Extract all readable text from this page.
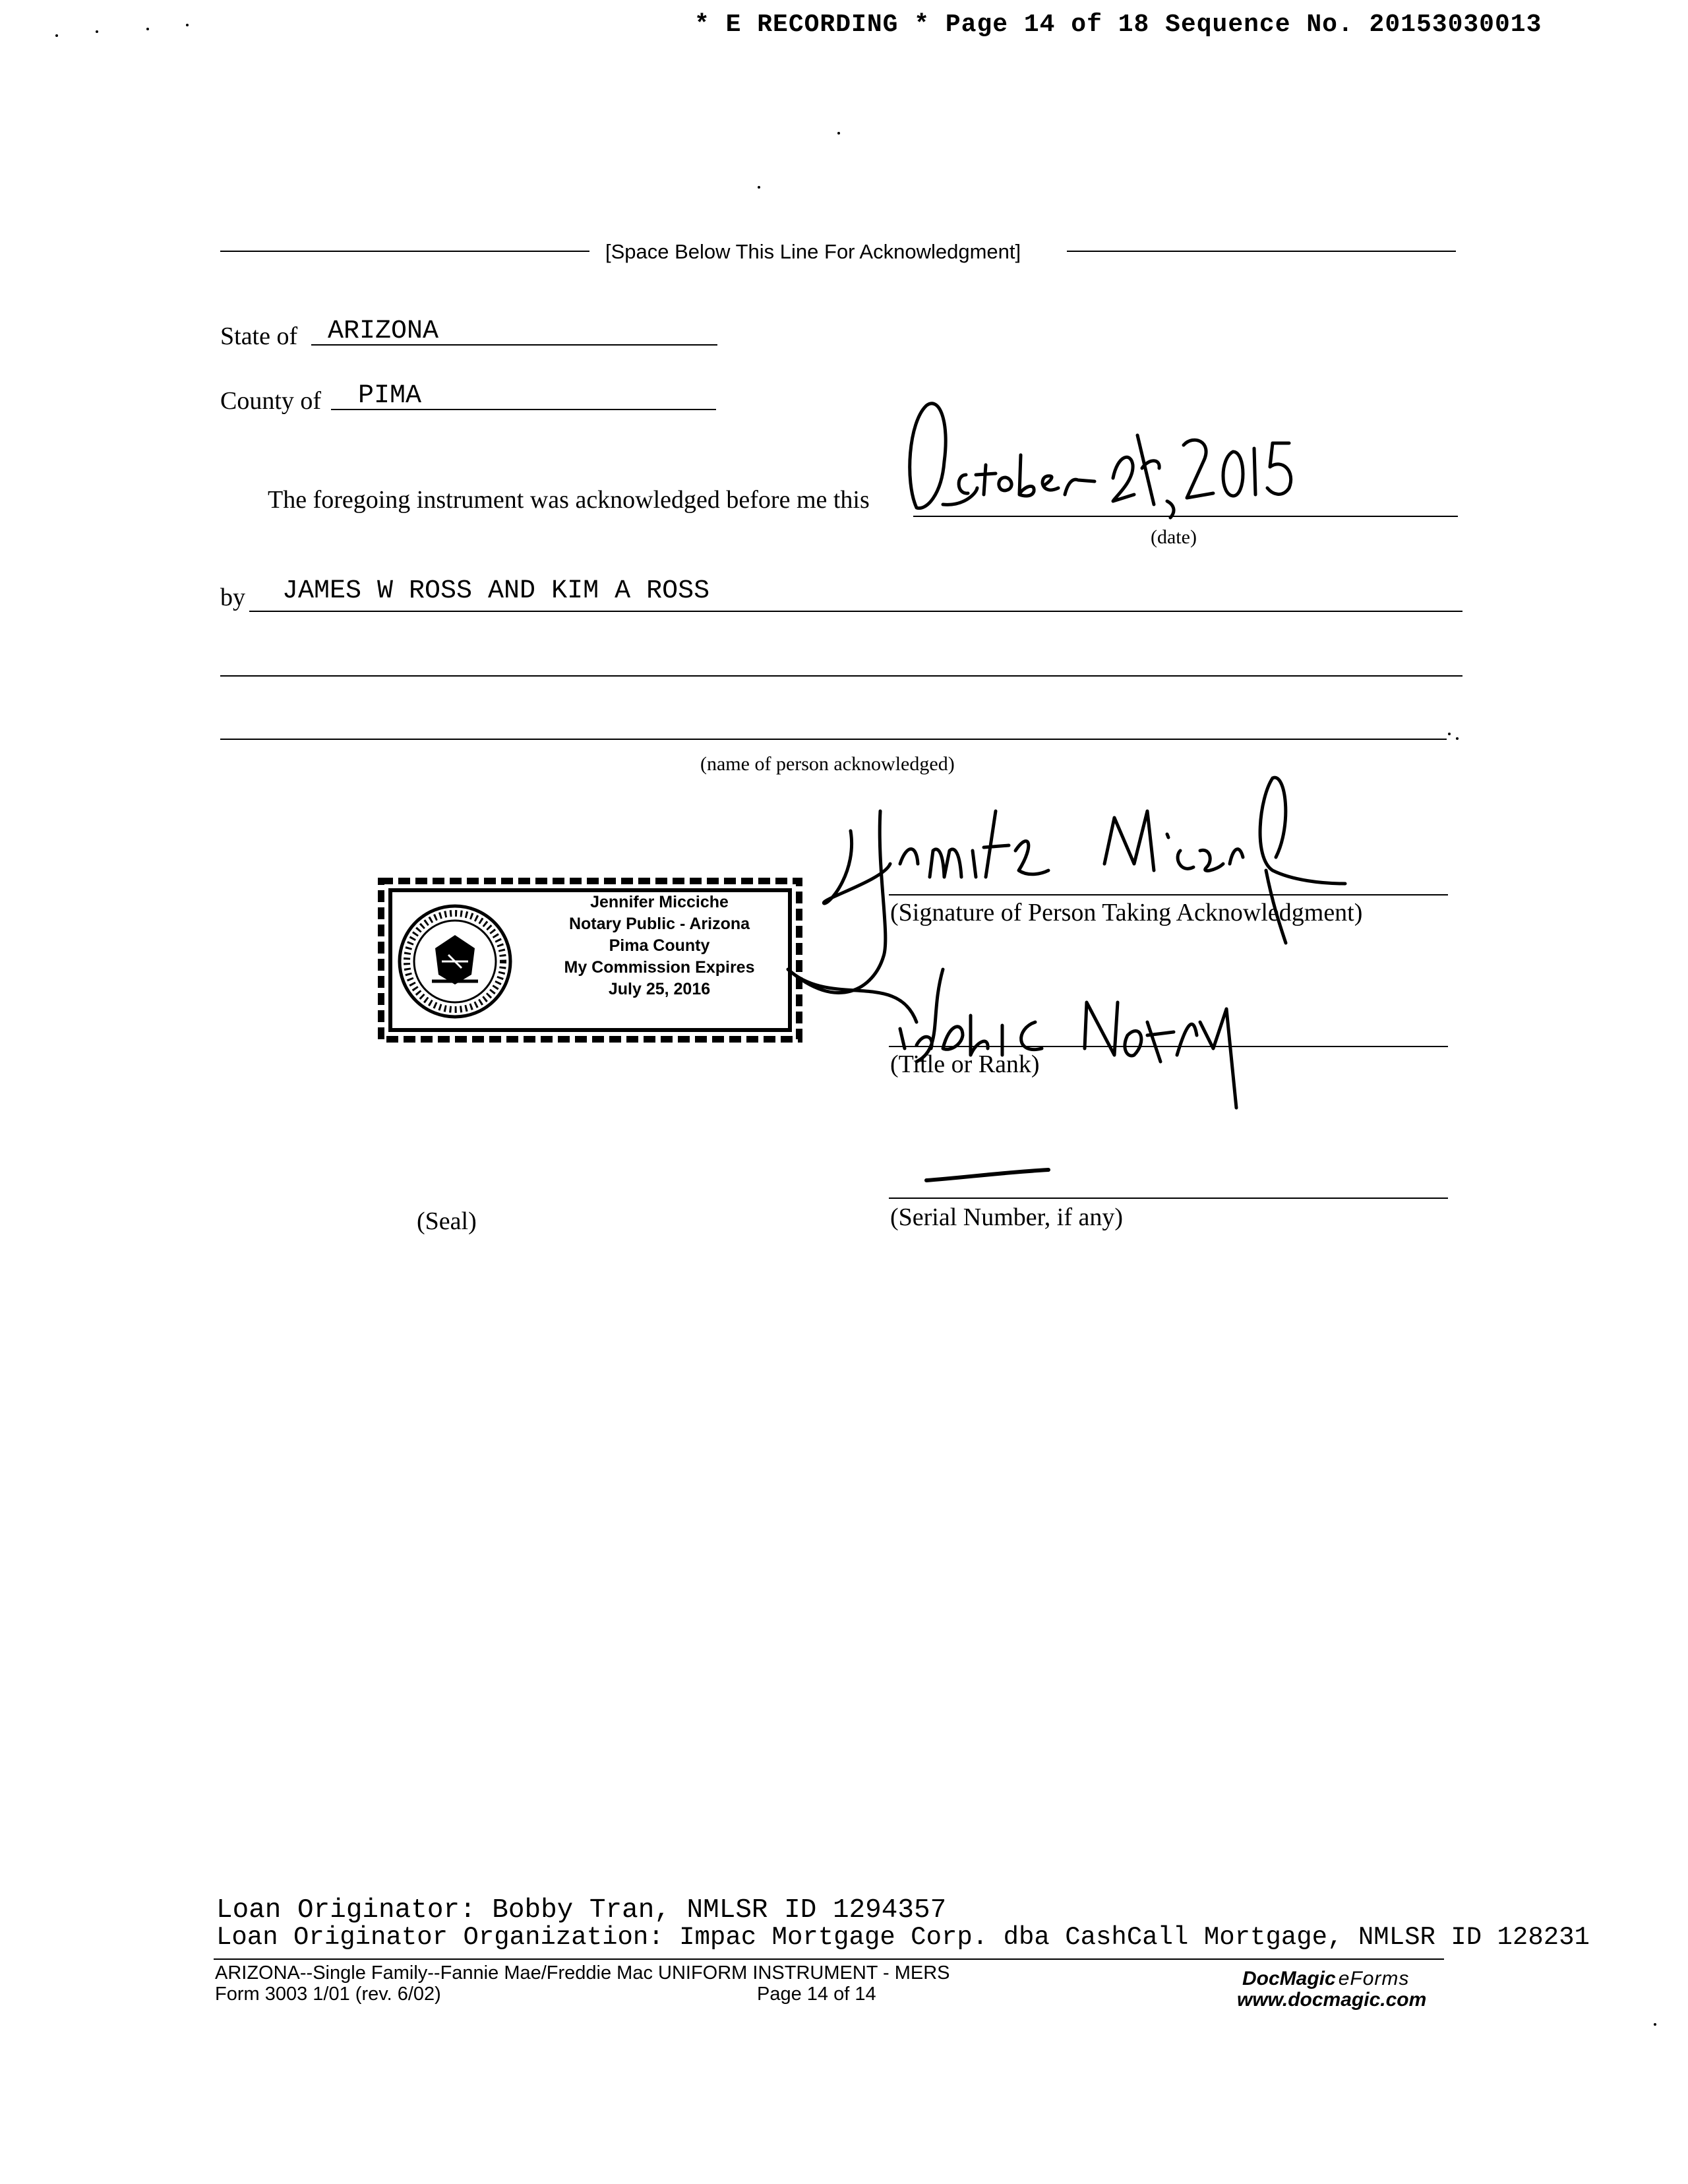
* E RECORDING * Page 14 of 18 Sequence No. 20153030013
[Space Below This Line For Acknowledgment]
State of ARIZONA
County of PIMA
The foregoing instrument was acknowledged before me this
(date)
by JAMES W ROSS AND KIM A ROSS
(name of person acknowledged)
Jennifer Micciche
Notary Public - Arizona
Pima County
My Commission Expires
July 25, 2016
(Signature of Person Taking Acknowledgment)
(Title or Rank)
(Serial Number, if any)
(Seal)
Loan Originator: Bobby Tran, NMLSR ID 1294357
Loan Originator Organization: Impac Mortgage Corp. dba CashCall Mortgage, NMLSR ID 128231
ARIZONA--Single Family--Fannie Mae/Freddie Mac UNIFORM INSTRUMENT - MERS
Form 3003 1/01 (rev. 6/02)	Page 14 of 14
DocMagic eForms
www.docmagic.com
